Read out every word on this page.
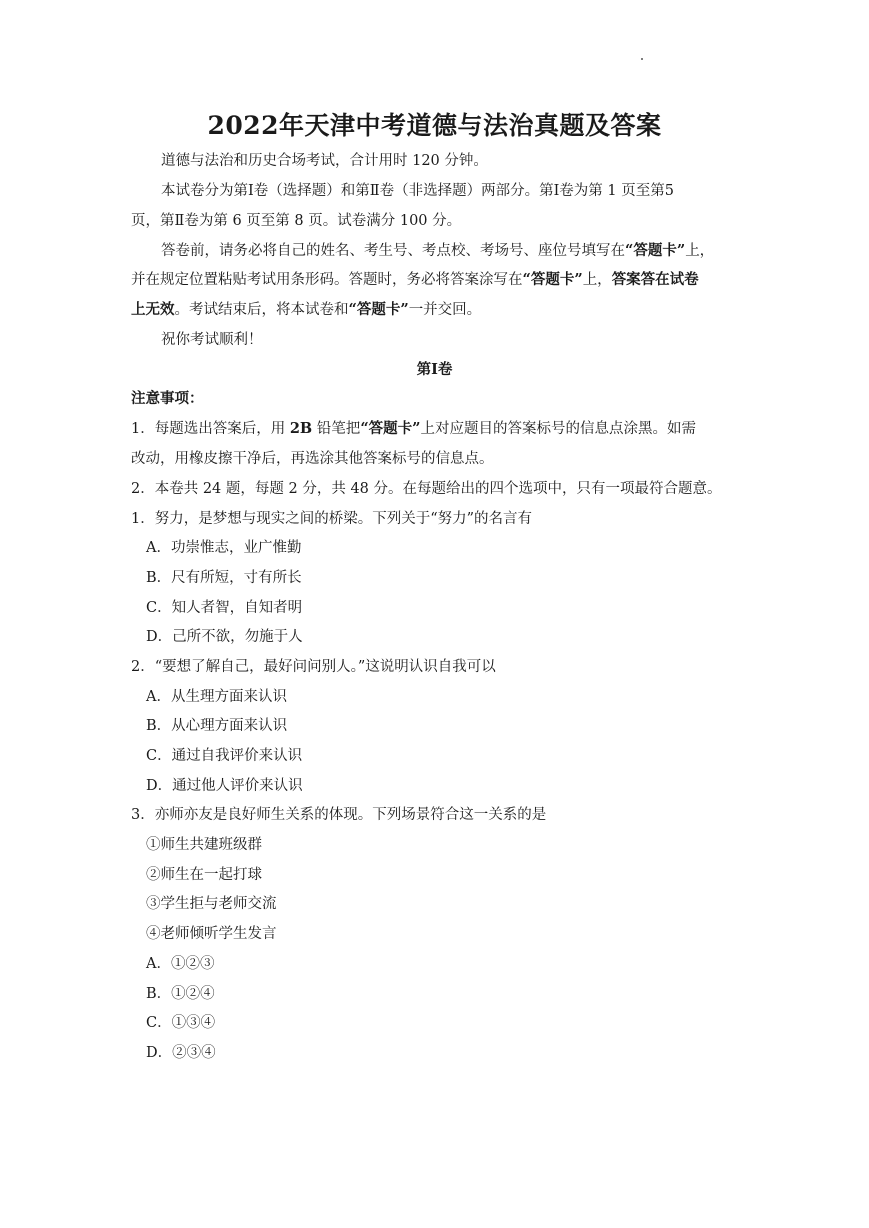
2022年天津中考道德与法治真题及答案
道德与法治和历史合场考试，合计用时 120 分钟。
本试卷分为第Ⅰ卷（选择题）和第Ⅱ卷（非选择题）两部分。第Ⅰ卷为第 1 页至第5
页，第Ⅱ卷为第 6 页至第 8 页。试卷满分 100 分。
答卷前，请务必将自己的姓名、考生号、考点校、考场号、座位号填写在“答题卡”上，
并在规定位置粘贴考试用条形码。答题时，务必将答案涂写在“答题卡”上，答案答在试卷
上无效。考试结束后，将本试卷和“答题卡”一并交回。
祝你考试顺利！
第Ⅰ卷
注意事项：
1．每题选出答案后，用 2B 铅笔把“答题卡”上对应题目的答案标号的信息点涂黑。如需
改动，用橡皮擦干净后，再选涂其他答案标号的信息点。
2．本卷共 24 题，每题 2 分，共 48 分。在每题给出的四个选项中，只有一项最符合题意。
1．努力，是梦想与现实之间的桥梁。下列关于“努力”的名言有
A．功崇惟志，业广惟勤
B．尺有所短，寸有所长
C．知人者智，自知者明
D．己所不欲，勿施于人
2．“要想了解自己，最好问问别人。”这说明认识自我可以
A．从生理方面来认识
B．从心理方面来认识
C．通过自我评价来认识
D．通过他人评价来认识
3．亦师亦友是良好师生关系的体现。下列场景符合这一关系的是
①师生共建班级群
②师生在一起打球
③学生拒与老师交流
④老师倾听学生发言
A．①②③
B．①②④
C．①③④
D．②③④
